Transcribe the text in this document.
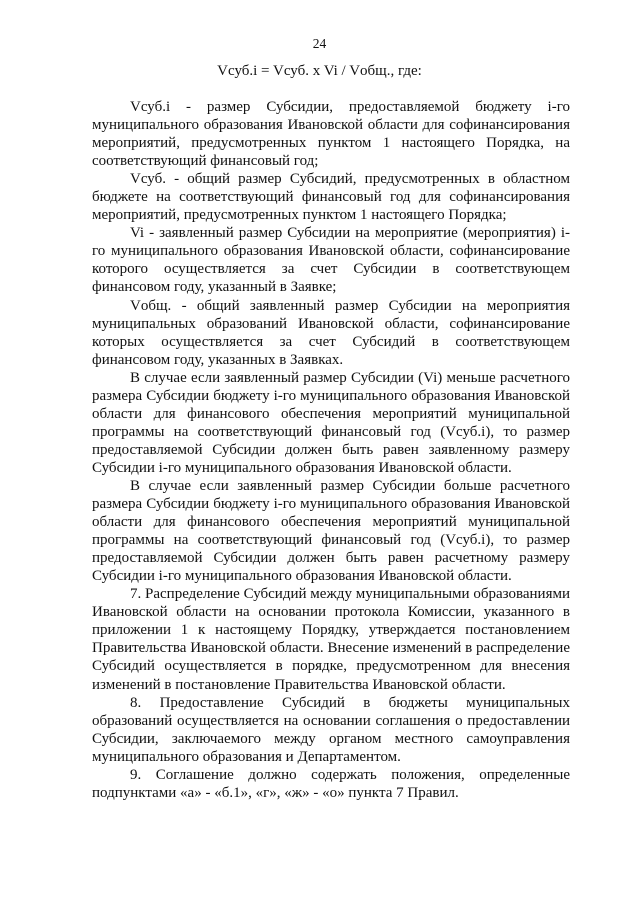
24
Vсуб.i = Vсуб. x Vi / Vобщ., где:

Vсуб.i - размер Субсидии, предоставляемой бюджету i-го муниципального образования Ивановской области для софинансирования мероприятий, предусмотренных пунктом 1 настоящего Порядка, на соответствующий финансовый год;

Vсуб. - общий размер Субсидий, предусмотренных в областном бюджете на соответствующий финансовый год для софинансирования мероприятий, предусмотренных пунктом 1 настоящего Порядка;

Vi - заявленный размер Субсидии на мероприятие (мероприятия) i-го муниципального образования Ивановской области, софинансирование которого осуществляется за счет Субсидии в соответствующем финансовом году, указанный в Заявке;

Vобщ. - общий заявленный размер Субсидии на мероприятия муниципальных образований Ивановской области, софинансирование которых осуществляется за счет Субсидий в соответствующем финансовом году, указанных в Заявках.

В случае если заявленный размер Субсидии (Vi) меньше расчетного размера Субсидии бюджету i-го муниципального образования Ивановской области для финансового обеспечения мероприятий муниципальной программы на соответствующий финансовый год (Vсуб.i), то размер предоставляемой Субсидии должен быть равен заявленному размеру Субсидии i-го муниципального образования Ивановской области.

В случае если заявленный размер Субсидии больше расчетного размера Субсидии бюджету i-го муниципального образования Ивановской области для финансового обеспечения мероприятий муниципальной программы на соответствующий финансовый год (Vсуб.i), то размер предоставляемой Субсидии должен быть равен расчетному размеру Субсидии i-го муниципального образования Ивановской области.

7. Распределение Субсидий между муниципальными образованиями Ивановской области на основании протокола Комиссии, указанного в приложении 1 к настоящему Порядку, утверждается постановлением Правительства Ивановской области. Внесение изменений в распределение Субсидий осуществляется в порядке, предусмотренном для внесения изменений в постановление Правительства Ивановской области.

8. Предоставление Субсидий в бюджеты муниципальных образований осуществляется на основании соглашения о предоставлении Субсидии, заключаемого между органом местного самоуправления муниципального образования и Департаментом.

9. Соглашение должно содержать положения, определенные подпунктами «а» - «б.1», «г», «ж» - «о» пункта 7 Правил.
